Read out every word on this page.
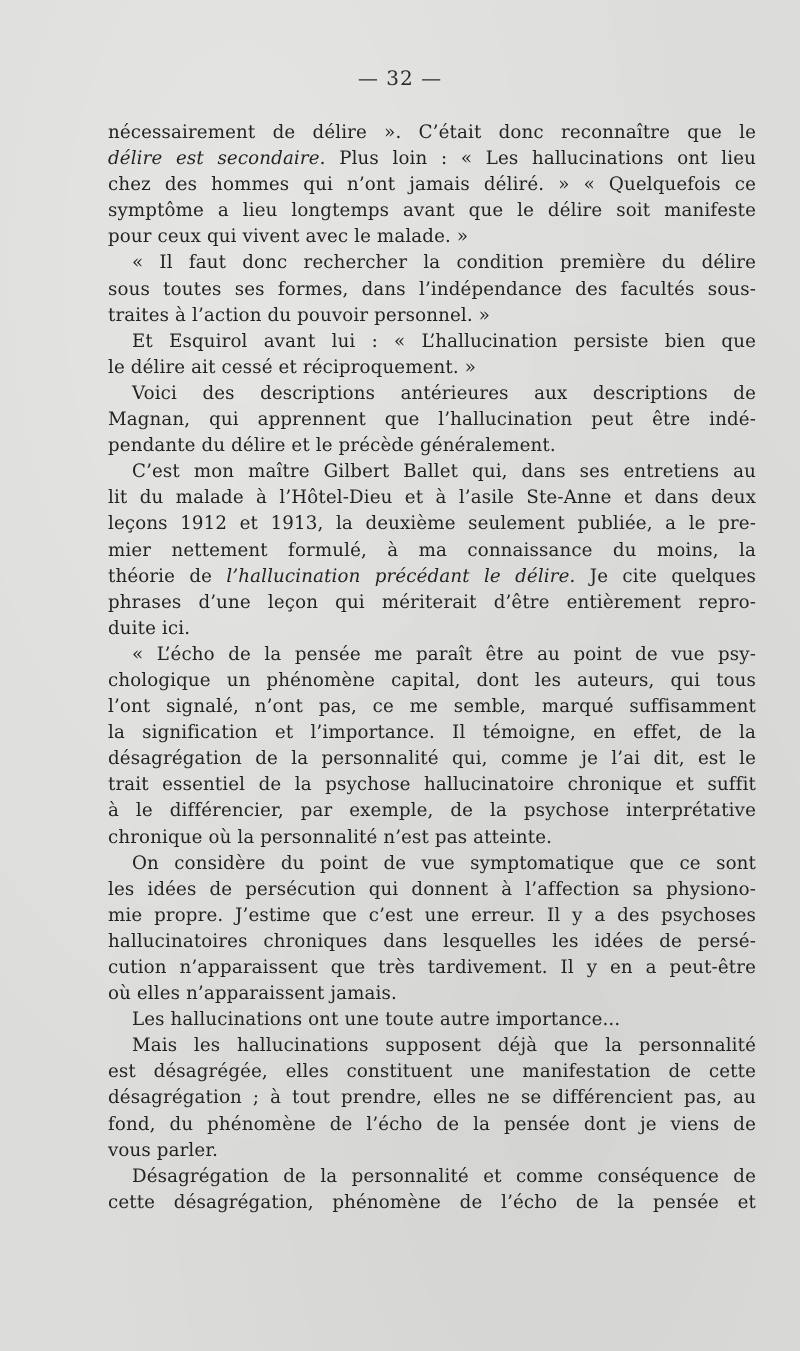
— 32 —
nécessairement de délire ». C’était donc reconnaître que le
délire est secondaire. Plus loin : « Les hallucinations ont lieu
chez des hommes qui n’ont jamais déliré. » « Quelquefois ce
symptôme a lieu longtemps avant que le délire soit manifeste
pour ceux qui vivent avec le malade. »
« Il faut donc rechercher la condition première du délire
sous toutes ses formes, dans l’indépendance des facultés sous-
traites à l’action du pouvoir personnel. »
Et Esquirol avant lui : « L’hallucination persiste bien que
le délire ait cessé et réciproquement. »
Voici des descriptions antérieures aux descriptions de
Magnan, qui apprennent que l’hallucination peut être indé-
pendante du délire et le précède généralement.
C’est mon maître Gilbert Ballet qui, dans ses entretiens au
lit du malade à l’Hôtel-Dieu et à l’asile Ste-Anne et dans deux
leçons 1912 et 1913, la deuxième seulement publiée, a le pre-
mier nettement formulé, à ma connaissance du moins, la
théorie de l’hallucination précédant le délire. Je cite quelques
phrases d’une leçon qui mériterait d’être entièrement repro-
duite ici.
« L’écho de la pensée me paraît être au point de vue psy-
chologique un phénomène capital, dont les auteurs, qui tous
l’ont signalé, n’ont pas, ce me semble, marqué suffisamment
la signification et l’importance. Il témoigne, en effet, de la
désagrégation de la personnalité qui, comme je l’ai dit, est le
trait essentiel de la psychose hallucinatoire chronique et suffit
à le différencier, par exemple, de la psychose interprétative
chronique où la personnalité n’est pas atteinte.
On considère du point de vue symptomatique que ce sont
les idées de persécution qui donnent à l’affection sa physiono-
mie propre. J’estime que c’est une erreur. Il y a des psychoses
hallucinatoires chroniques dans lesquelles les idées de persé-
cution n’apparaissent que très tardivement. Il y en a peut-être
où elles n’apparaissent jamais.
Les hallucinations ont une toute autre importance...
Mais les hallucinations supposent déjà que la personnalité
est désagrégée, elles constituent une manifestation de cette
désagrégation ; à tout prendre, elles ne se différencient pas, au
fond, du phénomène de l’écho de la pensée dont je viens de
vous parler.
Désagrégation de la personnalité et comme conséquence de
cette désagrégation, phénomène de l’écho de la pensée et
